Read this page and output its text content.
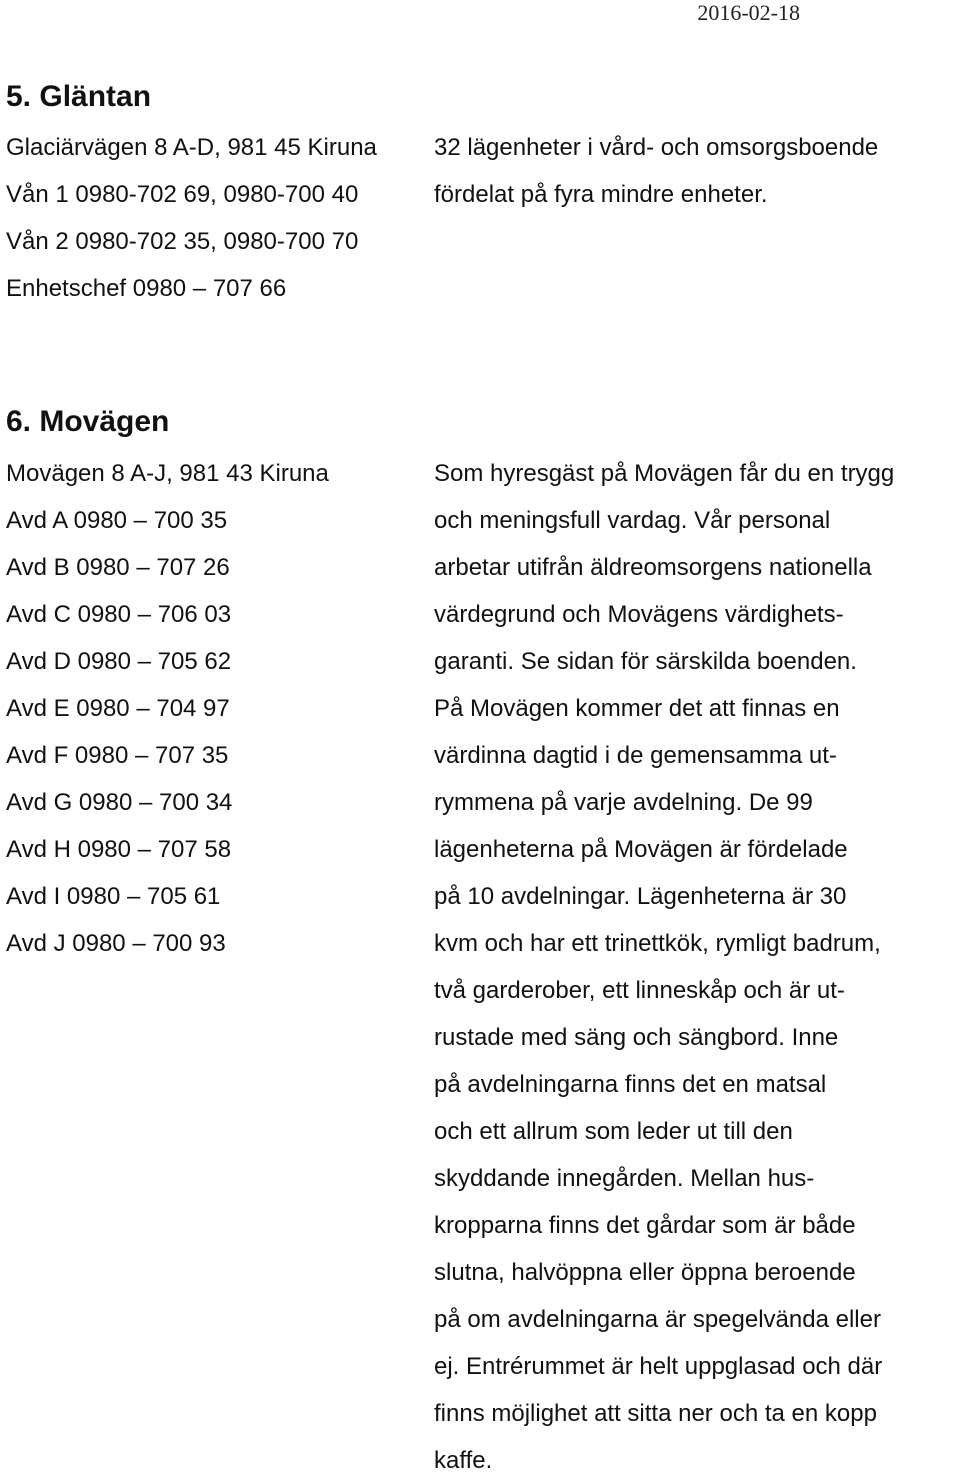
2016-02-18
5. Gläntan
Glaciärvägen 8 A-D, 981 45 Kiruna
Vån 1 0980-702 69, 0980-700 40
Vån 2 0980-702 35, 0980-700 70
Enhetschef 0980 – 707 66
32 lägenheter i vård- och omsorgsboende
fördelat på fyra mindre enheter.
6. Movägen
Movägen 8 A-J, 981 43 Kiruna
Avd A 0980 – 700 35
Avd B 0980 – 707 26
Avd C 0980 – 706 03
Avd D 0980 – 705 62
Avd E 0980 – 704 97
Avd F 0980 – 707 35
Avd G 0980 – 700 34
Avd H 0980 – 707 58
Avd I 0980 – 705 61
Avd J 0980 – 700 93
Som hyresgäst på Movägen får du en trygg
och meningsfull vardag. Vår personal
arbetar utifrån äldreomsorgens nationella
värdegrund och Movägens värdighets-
garanti. Se sidan för särskilda boenden.
På Movägen kommer det att finnas en
värdinna dagtid i de gemensamma ut-
rymmena på varje avdelning. De 99
lägenheterna på Movägen är fördelade
på 10 avdelningar. Lägenheterna är 30
kvm och har ett trinettkök, rymligt badrum,
två garderober, ett linneskåp och är ut-
rustade med säng och sängbord. Inne
på avdelningarna finns det en matsal
och ett allrum som leder ut till den
skyddande innegården. Mellan hus-
kropparna finns det gårdar som är både
slutna, halvöppna eller öppna beroende
på om avdelningarna är spegelvända eller
ej. Entrérummet är helt uppglasad och där
finns möjlighet att sitta ner och ta en kopp
kaffe.
